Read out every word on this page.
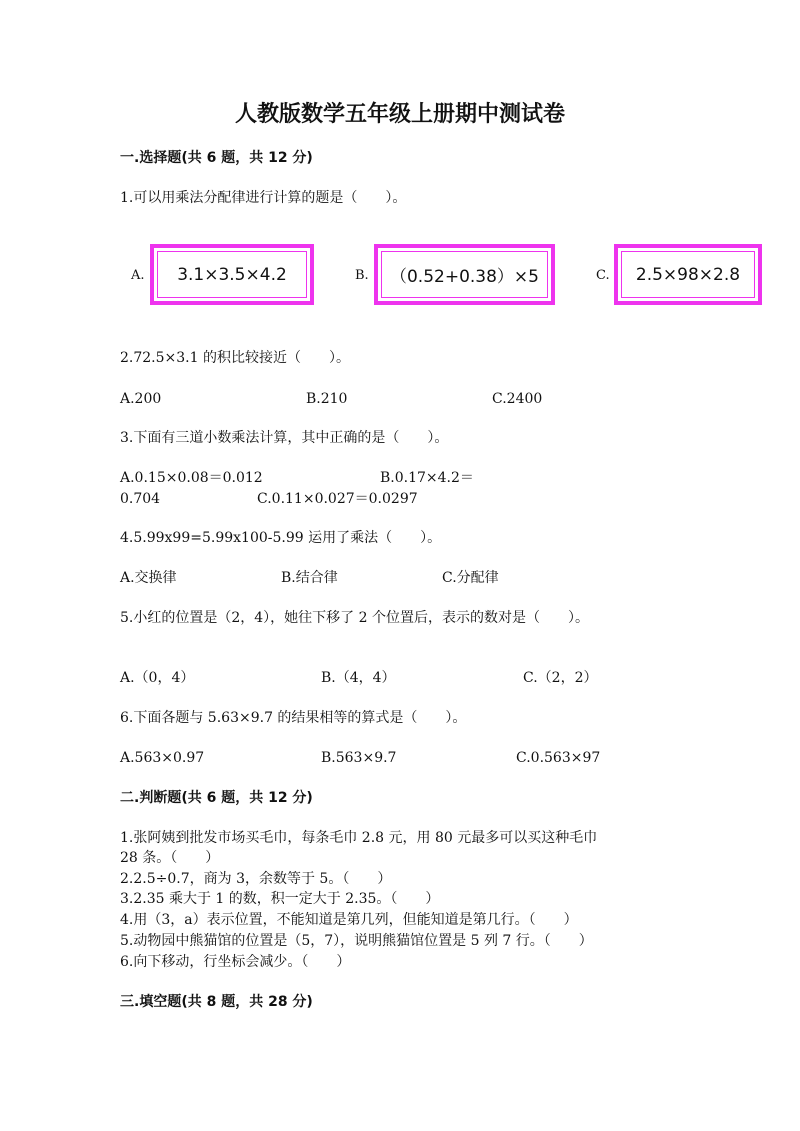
人教版数学五年级上册期中测试卷
一.选择题(共 6 题，共 12 分)
1.可以用乘法分配律进行计算的题是（　　）。
A.	3.1×3.5×4.2	B.	（0.52+0.38）×5	C.	2.5×98×2.8
2.72.5×3.1 的积比较接近（　　）。
A.200	B.210	C.2400
3.下面有三道小数乘法计算，其中正确的是（　　）。
A.0.15×0.08＝0.012	B.0.17×4.2＝
0.704	C.0.11×0.027＝0.0297
4.5.99x99=5.99x100-5.99 运用了乘法（　　）。
A.交换律	B.结合律	C.分配律
5.小红的位置是（2，4），她往下移了 2 个位置后，表示的数对是（　　）。
A.（0，4）	B.（4，4）	C.（2，2）
6.下面各题与 5.63×9.7 的结果相等的算式是（　　）。
A.563×0.97	B.563×9.7	C.0.563×97
二.判断题(共 6 题，共 12 分)
1.张阿姨到批发市场买毛巾，每条毛巾 2.8 元，用 80 元最多可以买这种毛巾
28 条。（　　）
2.2.5÷0.7，商为 3，余数等于 5。（　　）
3.2.35 乘大于 1 的数，积一定大于 2.35。（　　）
4.用（3，a）表示位置，不能知道是第几列，但能知道是第几行。（　　）
5.动物园中熊猫馆的位置是（5，7），说明熊猫馆位置是 5 列 7 行。（　　）
6.向下移动，行坐标会减少。（　　）
三.填空题(共 8 题，共 28 分)
